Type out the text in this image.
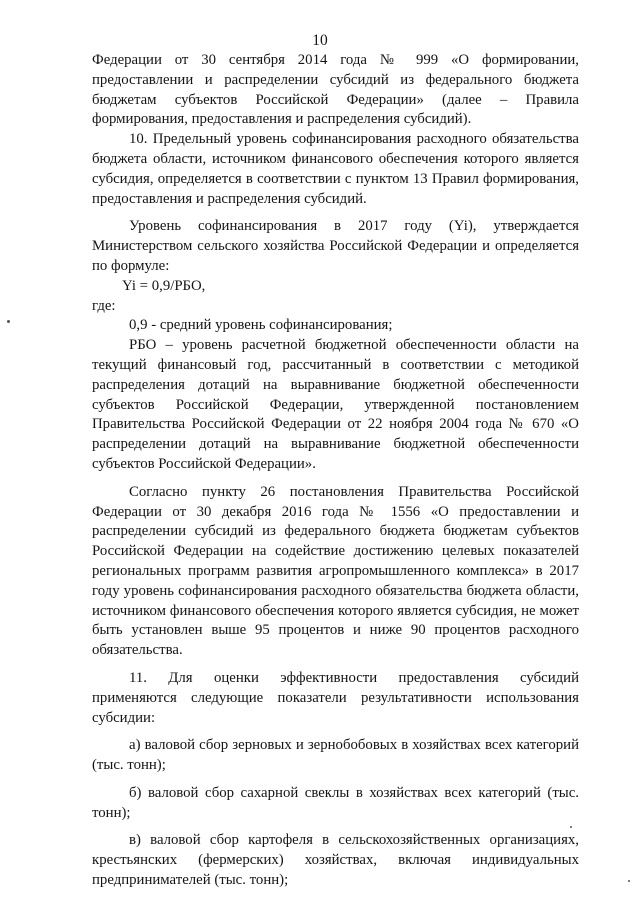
10

Федерации от 30 сентября 2014 года № 999 «О формировании, предоставлении и распределении субсидий из федерального бюджета бюджетам субъектов Российской Федерации» (далее – Правила формирования, предоставления и распределения субсидий).

10. Предельный уровень софинансирования расходного обязательства бюджета области, источником финансового обеспечения которого является субсидия, определяется в соответствии с пунктом 13 Правил формирования, предоставления и распределения субсидий.

Уровень софинансирования в 2017 году (Yi), утверждается Министерством сельского хозяйства Российской Федерации и определяется по формуле:

Yi = 0,9/РБО,

где:

0,9 - средний уровень софинансирования;

РБО – уровень расчетной бюджетной обеспеченности области на текущий финансовый год, рассчитанный в соответствии с методикой распределения дотаций на выравнивание бюджетной обеспеченности субъектов Российской Федерации, утвержденной постановлением Правительства Российской Федерации от 22 ноября 2004 года № 670 «О распределении дотаций на выравнивание бюджетной обеспеченности субъектов Российской Федерации».

Согласно пункту 26 постановления Правительства Российской Федерации от 30 декабря 2016 года № 1556 «О предоставлении и распределении субсидий из федерального бюджета бюджетам субъектов Российской Федерации на содействие достижению целевых показателей региональных программ развития агропромышленного комплекса» в 2017 году уровень софинансирования расходного обязательства бюджета области, источником финансового обеспечения которого является субсидия, не может быть установлен выше 95 процентов и ниже 90 процентов расходного обязательства.

11. Для оценки эффективности предоставления субсидий применяются следующие показатели результативности использования субсидии:

а) валовой сбор зерновых и зернобобовых в хозяйствах всех категорий (тыс. тонн);

б) валовой сбор сахарной свеклы в хозяйствах всех категорий (тыс. тонн);

в) валовой сбор картофеля в сельскохозяйственных организациях, крестьянских (фермерских) хозяйствах, включая индивидуальных предпринимателей (тыс. тонн);
